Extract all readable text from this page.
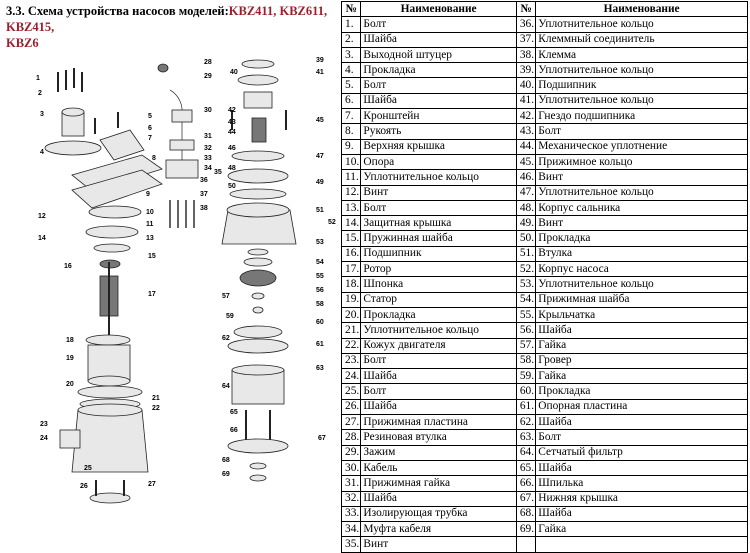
3.3. Схема устройства насосов моделей:KBZ411, KBZ611, KBZ415,
KBZ6
1
2
3
4
5
6
7
8
9
10
11
12
13
14
15
16
17
18
19
20
21
22
23
24
25
26	27
28
29
30
31
32
33
34
35
36
37
38
39
40	41
42
43
44
45
46
47
48
49
50
51
52
53
54
55
56
57
58
59
60
61
62
63
64
65
66
67
68
69
№	Наименование	№	Наименование
1.	Болт	36.	Уплотнительное кольцо
2.	Шайба	37.	Клеммный соединитель
3.	Выходной штуцер	38.	Клемма
4.	Прокладка	39.	Уплотнительное кольцо
5.	Болт	40.	Подшипник
6.	Шайба	41.	Уплотнительное кольцо
7.	Кронштейн	42.	Гнездо подшипника
8.	Рукоять	43.	Болт
9.	Верхняя крышка	44.	Механическое уплотнение
10.	Опора	45.	Прижимное кольцо
11.	Уплотнительное кольцо	46.	Винт
12.	Винт	47.	Уплотнительное кольцо
13.	Болт	48.	Корпус сальника
14.	Защитная крышка	49.	Винт
15.	Пружинная шайба	50.	Прокладка
16.	Подшипник	51.	Втулка
17.	Ротор	52.	Корпус насоса
18.	Шпонка	53.	Уплотнительное кольцо
19.	Статор	54.	Прижимная шайба
20.	Прокладка	55.	Крыльчатка
21.	Уплотнительное кольцо	56.	Шайба
22.	Кожух двигателя	57.	Гайка
23.	Болт	58.	Гровер
24.	Шайба	59.	Гайка
25.	Болт	60.	Прокладка
26.	Шайба	61.	Опорная пластина
27.	Прижимная пластина	62.	Шайба
28.	Резиновая втулка	63.	Болт
29.	Зажим	64.	Сетчатый фильтр
30.	Кабель	65.	Шайба
31.	Прижимная гайка	66.	Шпилька
32.	Шайба	67.	Нижняя крышка
33.	Изолирующая трубка	68.	Шайба
34.	Муфта кабеля	69.	Гайка
35.	Винт		
